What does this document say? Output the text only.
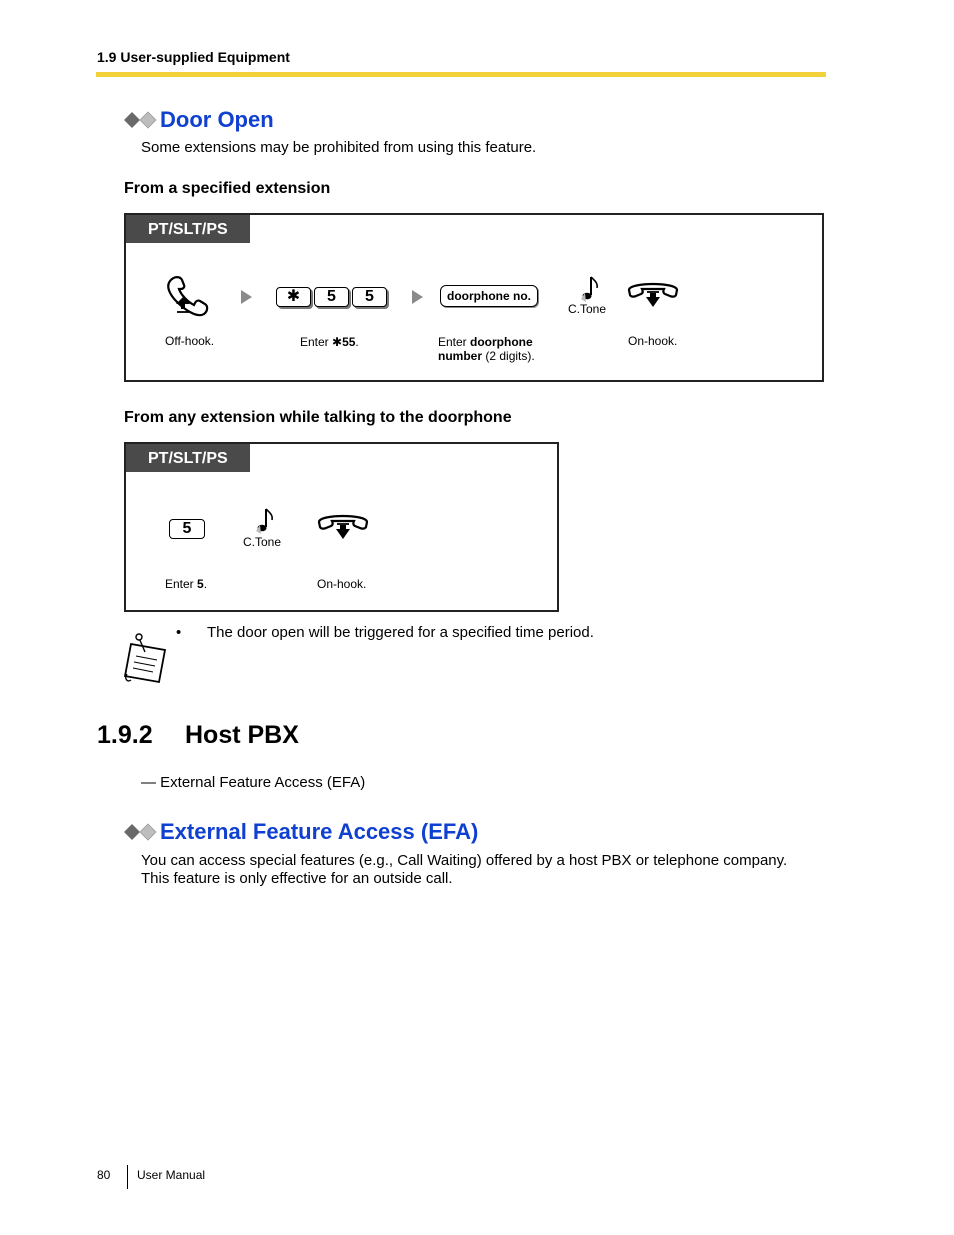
1.9 User-supplied Equipment
Door Open
Some extensions may be prohibited from using this feature.
From a specified extension
PT/SLT/PS
✱	5	5	doorphone no.
C.Tone
Off-hook.	Enter ✱55.	Enter doorphone
number (2 digits).
On-hook.
From any extension while talking to the doorphone
PT/SLT/PS
5
C.Tone
Enter 5.	On-hook.
• The door open will be triggered for a specified time period.
1.9.2 Host PBX
— External Feature Access (EFA)
External Feature Access (EFA)
You can access special features (e.g., Call Waiting) offered by a host PBX or telephone company.
This feature is only effective for an outside call.
80 User Manual
